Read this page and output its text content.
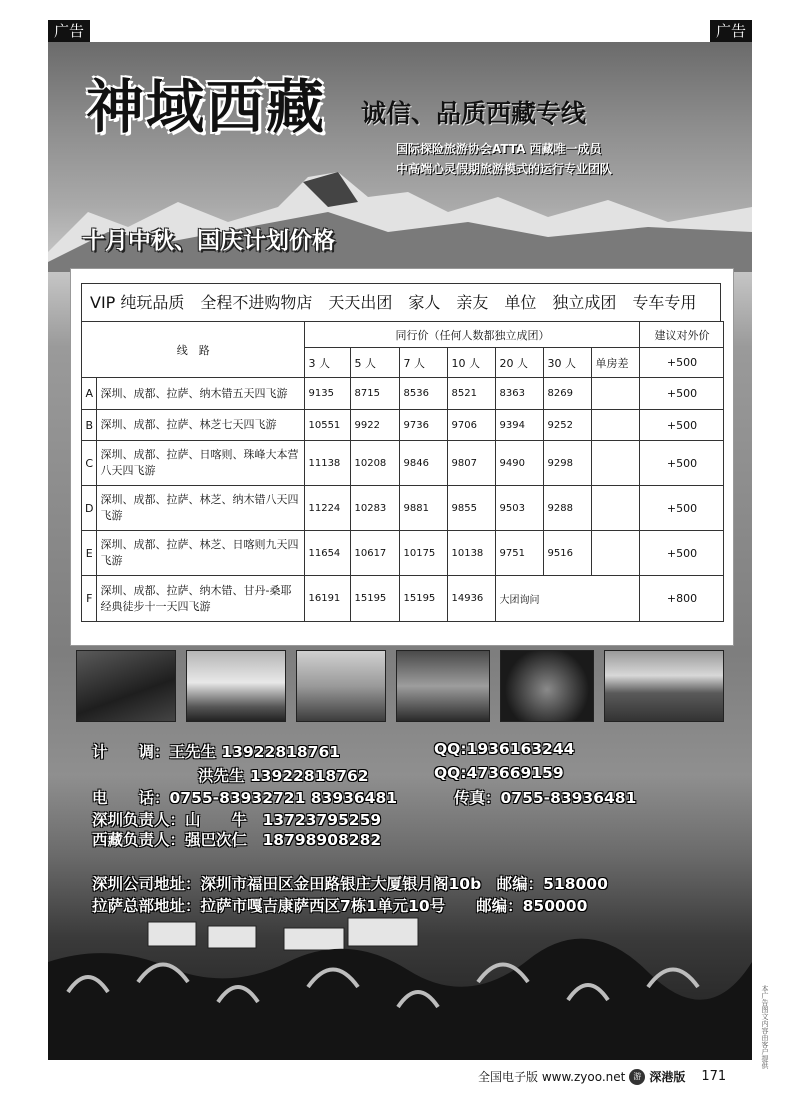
广告	广告
神域西藏 诚信、品质西藏专线
国际探险旅游协会ATTA 西藏唯一成员
中高端心灵假期旅游模式的运行专业团队
十月中秋、国庆计划价格
VIP 纯玩品质　全程不进购物店　天天出团　家人　亲友　单位　独立成团　专车专用
线　路		同行价（任何人数都独立成团）							建议对外价
		3 人	5 人	7 人	10 人	20 人	30 人	单房差	+500
A	深圳、成都、拉萨、纳木错五天四飞游	9135	8715	8536	8521	8363	8269		+500
B	深圳、成都、拉萨、林芝七天四飞游	10551	9922	9736	9706	9394	9252		+500
C	深圳、成都、拉萨、日喀则、珠峰大本营八天四飞游	11138	10208	9846	9807	9490	9298		+500
D	深圳、成都、拉萨、林芝、纳木错八天四飞游	11224	10283	9881	9855	9503	9288		+500
E	深圳、成都、拉萨、林芝、日喀则九天四飞游	11654	10617	10175	10138	9751	9516		+500
F	深圳、成都、拉萨、纳木错、甘丹-桑耶经典徒步十一天四飞游	16191	15195	15195	14936	大团询问			+800
计　　调：王先生 13922818761	QQ:1936163244
洪先生 13922818762	QQ:473669159
电　　话：0755-83932721 83936481	传真：0755-83936481
深圳负责人：山　　牛　13723795259
西藏负责人：强巴次仁　18798908282
深圳公司地址：深圳市福田区金田路银庄大厦银月阁10b　邮编：518000
拉萨总部地址：拉萨市嘎吉康萨西区7栋1单元10号　　邮编：850000
本广告图文内容由客户提供
全国电子版 www.zyoo.net	游 深港版 171
